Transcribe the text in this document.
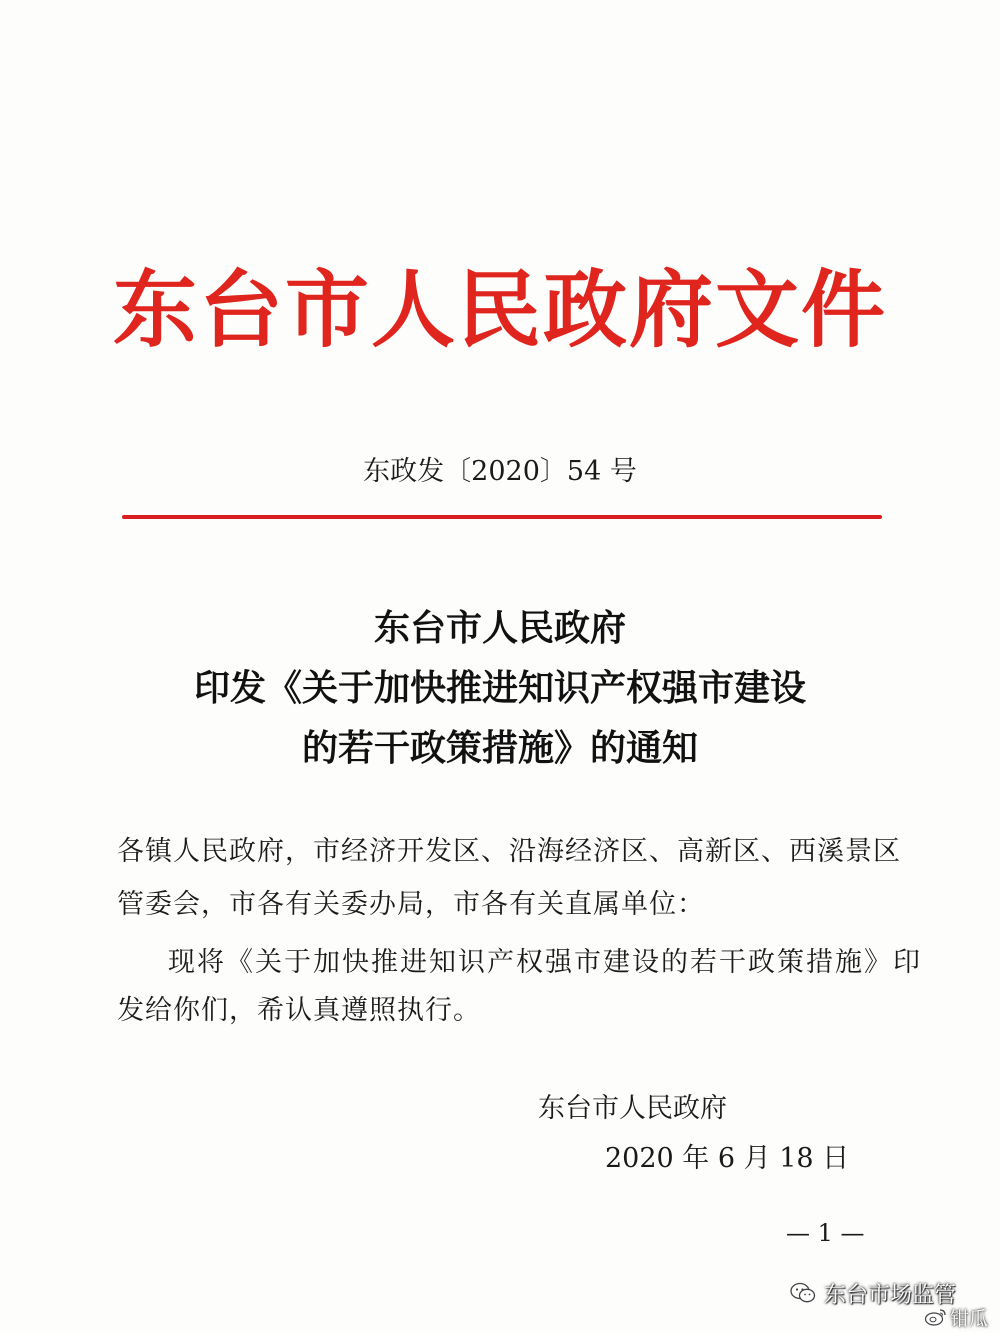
东台市人民政府文件
东政发〔2020〕54 号
东台市人民政府
印发《关于加快推进知识产权强市建设
的若干政策措施》的通知
各镇人民政府，市经济开发区、沿海经济区、高新区、西溪景区
管委会，市各有关委办局，市各有关直属单位：
现将《关于加快推进知识产权强市建设的若干政策措施》印
发给你们，希认真遵照执行。
东台市人民政府
2020 年 6 月 18 日
— 1 —
东台市场监管
钳瓜
